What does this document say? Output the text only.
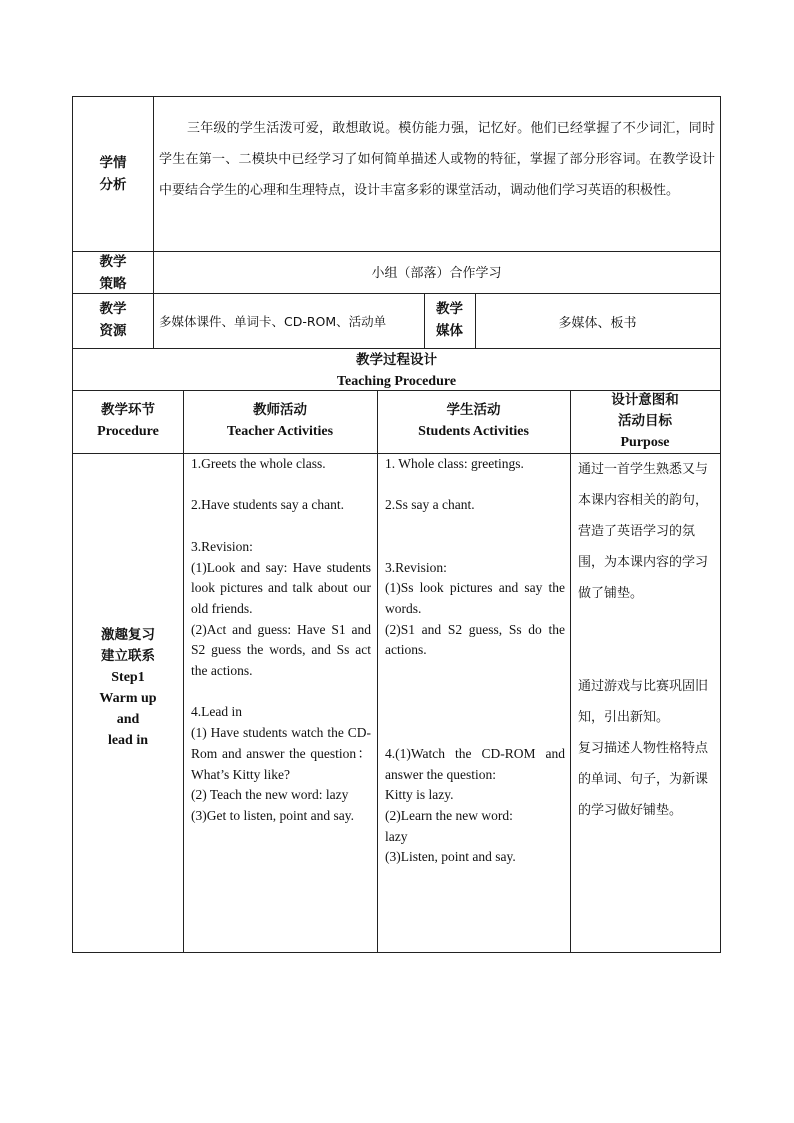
学情
分析
三年级的学生活泼可爱，敢想敢说。模仿能力强，记忆好。他们已经掌握了不少词汇，同时学生在第一、二模块中已经学习了如何简单描述人或物的特征，掌握了部分形容词。在教学设计中要结合学生的心理和生理特点，设计丰富多彩的课堂活动，调动他们学习英语的积极性。
教学
策略
小组（部落）合作学习
教学
资源
多媒体课件、单词卡、CD-ROM、活动单
教学
媒体	多媒体、板书
教学过程设计
Teaching Procedure
教学环节
Procedure
教师活动
Teacher Activities
学生活动
Students Activities
设计意图和
活动目标
Purpose
激趣复习
建立联系
Step1
Warm up
and
lead in
1.Greets the whole class.

2.Have students say a chant.

3.Revision:
(1)Look and say: Have students look pictures and talk about our old friends.
(2)Act and guess: Have S1 and S2 guess the words, and Ss act the actions.

4.Lead in
(1) Have students watch the CD-Rom and answer the question： What’s Kitty like?
(2) Teach the new word: lazy
(3)Get to listen, point and say.
1. Whole class: greetings.

2.Ss say a chant.

3.Revision:
(1)Ss look pictures and say the words.
(2)S1 and S2 guess, Ss do the actions.

4.(1)Watch the CD-ROM and answer the question:
Kitty is lazy.
(2)Learn the new word:
lazy
(3)Listen, point and say.
通过一首学生熟悉又与本课内容相关的韵句，营造了英语学习的氛围，为本课内容的学习做了铺垫。
通过游戏与比赛巩固旧知，引出新知。
复习描述人物性格特点的单词、句子，为新课的学习做好铺垫。
